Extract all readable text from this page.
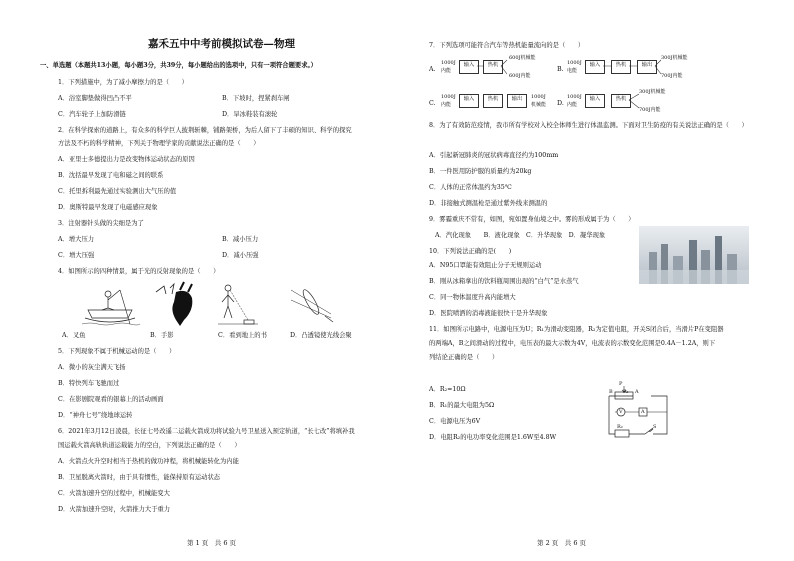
嘉禾五中中考前模拟试卷—物理
一、单选题（本题共13小题，每小题3分，共39分，每小题给出的选项中，只有一项符合题要求。）
1．下列措施中，为了减小摩擦力的是（　　）
A．浴室脚垫做得凹凸不平	B．下坡时，捏紧刹车闸
C．汽车轮子上加防滑链	D．旱冰鞋装有滚轮
2．在科学探索的道路上，有众多的科学巨人披荆斩棘，铺路架桥，为后人留下了丰硕的知识、科学的探究
方法及不朽的科学精神，下列关于物理学家的贡献说法正确的是（　　）
A．亚里士多德提出力是改变物体运动状态的原因
B．沈括最早发现了电和磁之间的联系
C．托里拆利最先通过实验测出大气压的值
D．奥斯特最早发现了电磁感应现象
3．注射器针头做的尖细是为了
A．增大压力	B．减小压力
C．增大压强	D．减小压强
4．如图所示的四种情景，属于光的反射现象的是（　　）
A．叉鱼	B．手影	C．看到地上的书	D．凸透镜使光线会聚
5．下列现象不属于机械运动的是（　　）
A．微小的灰尘满天飞扬
B．特快列车飞驰而过
C．在影剧院观看的银幕上的活动画面
D．“神舟七号”绕地球运转
6．2021年3月12日凌晨，长征七号改遥二运载火箭成功将试验九号卫星送入预定轨道，“长七改”将填补我
国运载火箭高轨轨道运载能力的空白，下列说法正确的是（　　）
A．火箭点火升空时相当于热机的做功冲程，将机械能转化为内能
B．卫星脱离火箭时，由于具有惯性，能保持原有运动状态
C．火箭加速升空的过程中，机械能变大
D．火箭加速升空时，火箭推力大于重力
第 1 页　共 6 页
7．下列选项可能符合汽车等热机能量流向的是（　　）
A.
1000J
内能
输入	热机
600J机械能
600J内能
B.
1000J
电能
输入	热机
300J机械能
700J内能
输出
C.
1000J
内能
输入	热机	输出	1000J
机械能 D.
1000J
内能
输入	热机
300J机械能
700J内能
8．为了有效防范疫情，我市所有学校对入校全体师生进行体温监测。下面对卫生防疫的有关说法正确的是（　　）
A．引起新冠肺炎的冠状病毒直径约为100mm
B．一件医用防护服的质量约为20kg
C．人体的正常体温约为35℃
D．非接触式测温枪是通过紫外线来测温的
9．雾霾重庆不常有，如图，宛如置身仙境之中。雾的形成属于为（　　）
A．汽化现象　　B．液化现象　C．升华现象　D．凝华现象
10．下列说法正确的是(　　)
A．N95口罩能有效阻止分子无规则运动
B．刚从冰箱拿出的饮料瓶周围出现的“白气”是水蒸气
C．同一物体温度升高内能增大
D．医院喷洒的消毒液能很快干是升华现象
11．如图所示电路中，电源电压为U；R₁为滑动变阻器，R₂为定值电阻，开关S闭合后，当滑片P在变阻器
的两端A，B之间滑动的过程中，电压表的最大示数为4V，电流表的示数变化范围是0.4A－1.2A，则下
列结论正确的是（　　）
A．R₂=10Ω
B．R₁的最大电阻为5Ω
C．电源电压为6V
D．电阻R₂的电功率变化范围是1.6W至4.8W
P
R₁ A
B
V	A
R₂	S
第 2 页　共 6 页
